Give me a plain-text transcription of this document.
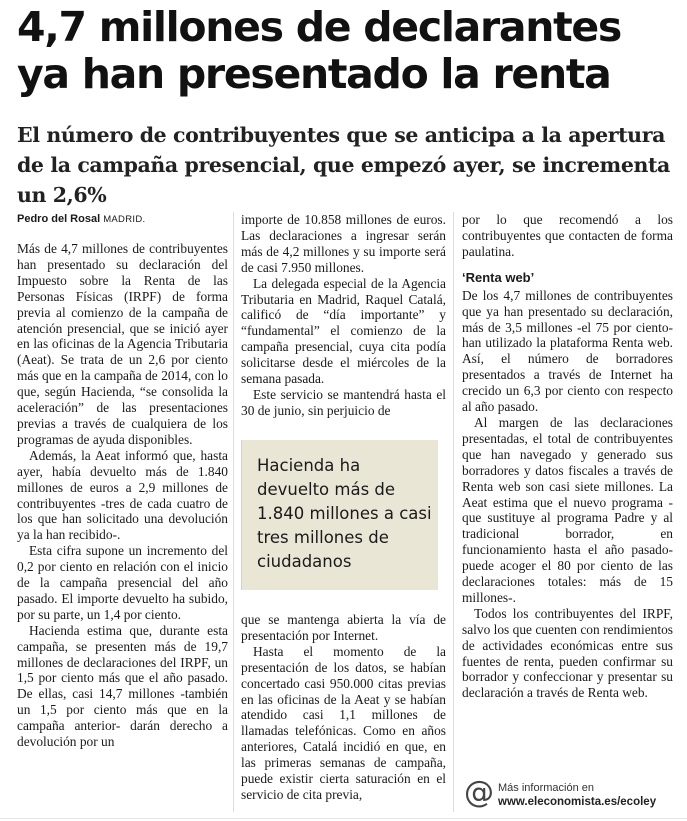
4,7 millones de declarantes ya han presentado la renta
El número de contribuyentes que se anticipa a la apertura de la campaña presencial, que empezó ayer, se incrementa un 2,6%
Pedro del Rosal MADRID.

Más de 4,7 millones de contribuyentes han presentado su declaración del Impuesto sobre la Renta de las Personas Físicas (IRPF) de forma previa al comienzo de la campaña de atención presencial, que se inició ayer en las oficinas de la Agencia Tributaria (Aeat). Se trata de un 2,6 por ciento más que en la campaña de 2014, con lo que, según Hacienda, “se consolida la aceleración” de las presentaciones previas a través de cualquiera de los programas de ayuda disponibles.

Además, la Aeat informó que, hasta ayer, había devuelto más de 1.840 millones de euros a 2,9 millones de contribuyentes -tres de cada cuatro de los que han solicitado una devolución ya la han recibido-.

Esta cifra supone un incremento del 0,2 por ciento en relación con el inicio de la campaña presencial del año pasado. El importe devuelto ha subido, por su parte, un 1,4 por ciento.

Hacienda estima que, durante esta campaña, se presenten más de 19,7 millones de declaraciones del IRPF, un 1,5 por ciento más que el año pasado. De ellas, casi 14,7 millones -también un 1,5 por ciento más que en la campaña anterior- darán derecho a devolución por un

importe de 10.858 millones de euros. Las declaraciones a ingresar serán más de 4,2 millones y su importe será de casi 7.950 millones.

La delegada especial de la Agencia Tributaria en Madrid, Raquel Catalá, calificó de “día importante” y “fundamental” el comienzo de la campaña presencial, cuya cita podía solicitarse desde el miércoles de la semana pasada.

Este servicio se mantendrá hasta el 30 de junio, sin perjuicio de

Hacienda ha devuelto más de 1.840 millones a casi tres millones de ciudadanos

que se mantenga abierta la vía de presentación por Internet.

Hasta el momento de la presentación de los datos, se habían concertado casi 950.000 citas previas en las oficinas de la Aeat y se habían atendido casi 1,1 millones de llamadas telefónicas. Como en años anteriores, Catalá incidió en que, en las primeras semanas de campaña, puede existir cierta saturación en el servicio de cita previa,

por lo que recomendó a los contribuyentes que contacten de forma paulatina.

‘Renta web’

De los 4,7 millones de contribuyentes que ya han presentado su declaración, más de 3,5 millones -el 75 por ciento- han utilizado la plataforma Renta web. Así, el número de borradores presentados a través de Internet ha crecido un 6,3 por ciento con respecto al año pasado.

Al margen de las declaraciones presentadas, el total de contribuyentes que han navegado y generado sus borradores y datos fiscales a través de Renta web son casi siete millones. La Aeat estima que el nuevo programa -que sustituye al programa Padre y al tradicional borrador, en funcionamiento hasta el año pasado- puede acoger el 80 por ciento de las declaraciones totales: más de 15 millones-.

Todos los contribuyentes del IRPF, salvo los que cuenten con rendimientos de actividades económicas entre sus fuentes de renta, pueden confirmar su borrador y confeccionar y presentar su declaración a través de Renta web.

@ Más información en

www.eleconomista.es/ecoley
